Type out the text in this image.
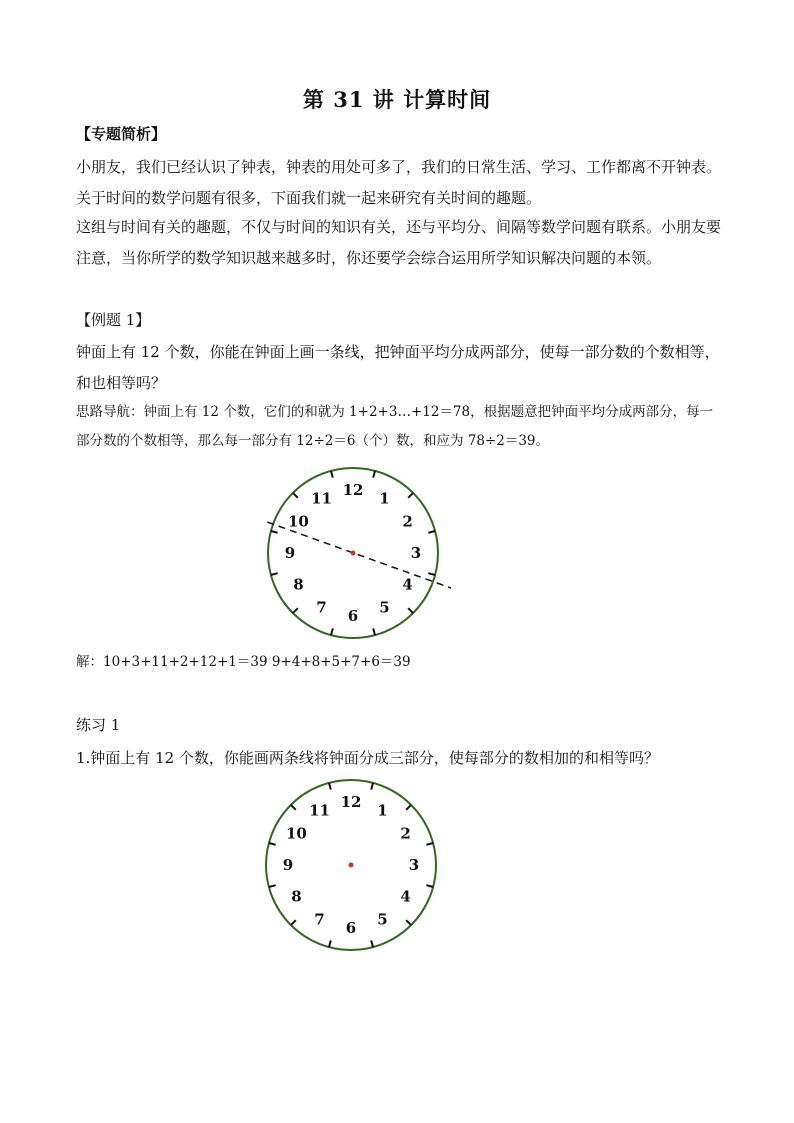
第 31 讲 计算时间

【专题简析】

小朋友，我们已经认识了钟表，钟表的用处可多了，我们的日常生活、学习、工作都离不开钟表。关于时间的数学问题有很多，下面我们就一起来研究有关时间的趣题。

这组与时间有关的趣题，不仅与时间的知识有关，还与平均分、间隔等数学问题有联系。小朋友要注意，当你所学的数学知识越来越多时，你还要学会综合运用所学知识解决问题的本领。

【例题 1】

钟面上有 12 个数，你能在钟面上画一条线，把钟面平均分成两部分，使每一部分数的个数相等，和也相等吗？

思路导航：钟面上有 12 个数，它们的和就为 1+2+3…+12＝78，根据题意把钟面平均分成两部分，每一部分数的个数相等，那么每一部分有 12÷2＝6（个）数，和应为 78÷2＝39。

12 1
2
3
4
5
6
7
8
9
10
11

解：10+3+11+2+12+1＝39 9+4+8+5+7+6＝39

练习 1

1.钟面上有 12 个数，你能画两条线将钟面分成三部分，使每部分的数相加的和相等吗？

12 1
2
3
4
5
6
7
8
9
10
11
